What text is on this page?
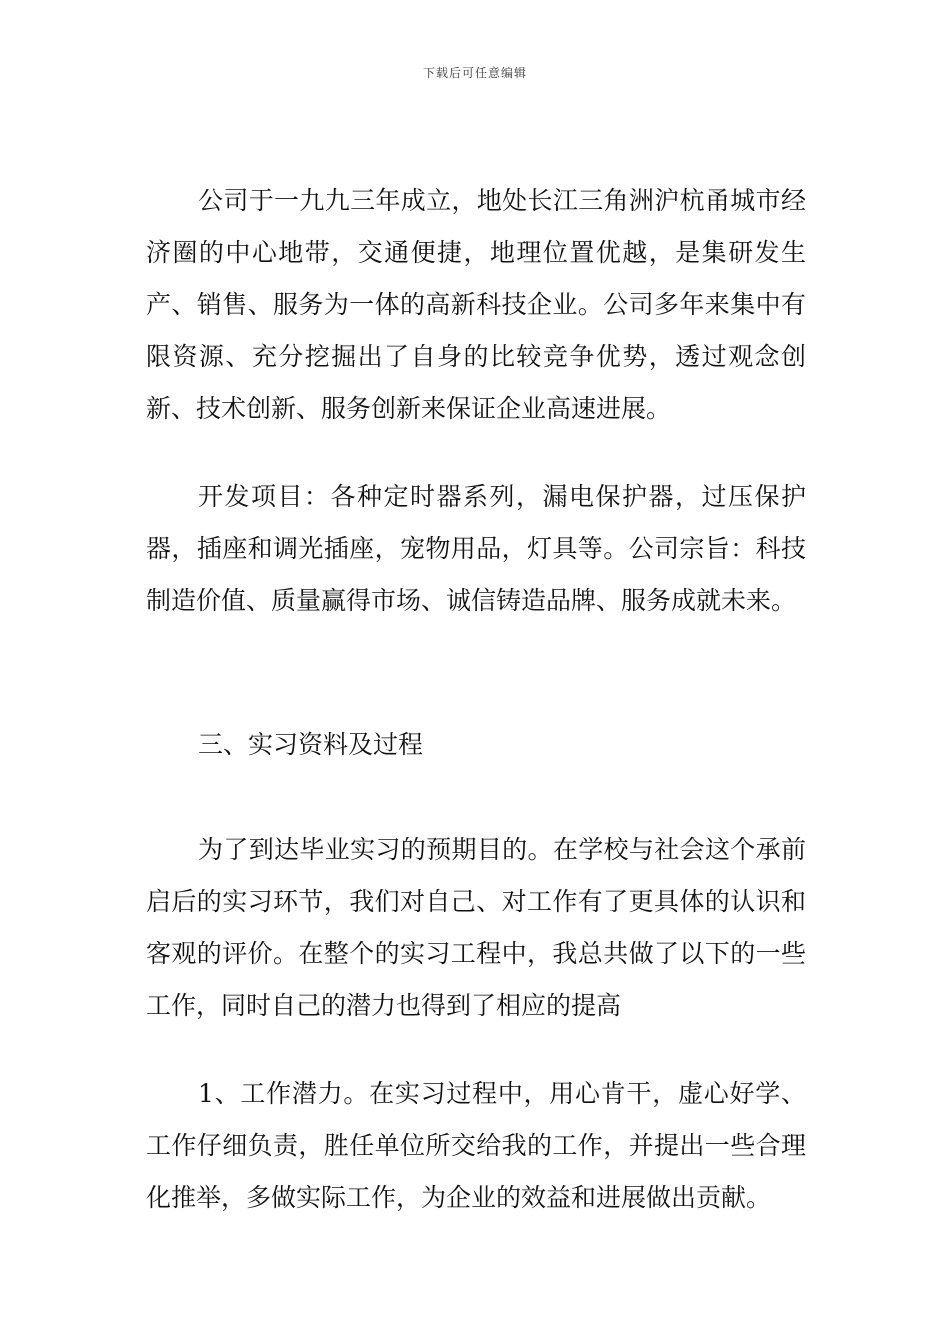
下载后可任意编辑

公司于一九九三年成立，地处长江三角洲沪杭甬城市经济圈的中心地带，交通便捷，地理位置优越，是集研发生产、销售、服务为一体的高新科技企业。公司多年来集中有限资源、充分挖掘出了自身的比较竞争优势，透过观念创新、技术创新、服务创新来保证企业高速进展。

开发项目：各种定时器系列，漏电保护器，过压保护器，插座和调光插座，宠物用品，灯具等。公司宗旨：科技制造价值、质量赢得市场、诚信铸造品牌、服务成就未来。

三、实习资料及过程

为了到达毕业实习的预期目的。在学校与社会这个承前启后的实习环节，我们对自己、对工作有了更具体的认识和客观的评价。在整个的实习工程中，我总共做了以下的一些工作，同时自己的潜力也得到了相应的提高

1、工作潜力。在实习过程中，用心肯干，虚心好学、工作仔细负责，胜任单位所交给我的工作，并提出一些合理化推举，多做实际工作，为企业的效益和进展做出贡献。
